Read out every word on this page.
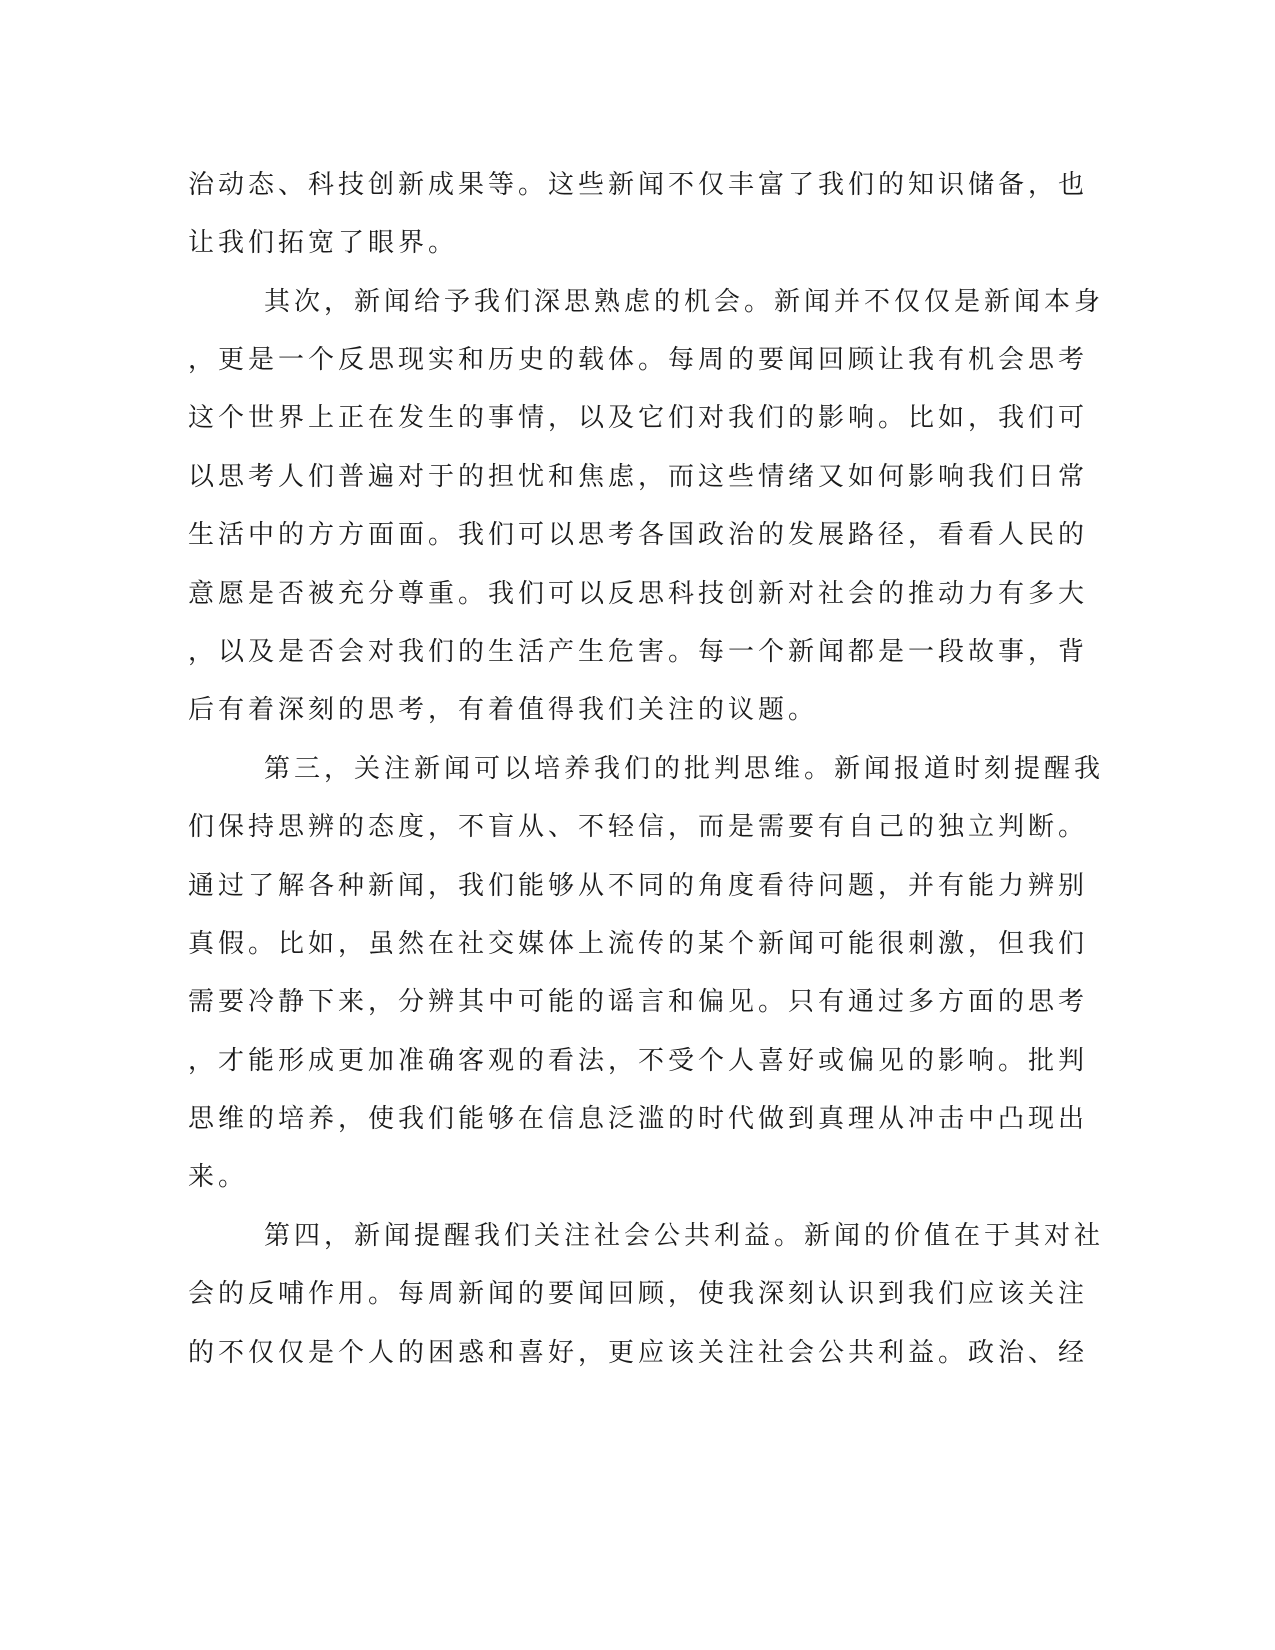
治动态、科技创新成果等。这些新闻不仅丰富了我们的知识储备，也

让我们拓宽了眼界。

其次，新闻给予我们深思熟虑的机会。新闻并不仅仅是新闻本身

，更是一个反思现实和历史的载体。每周的要闻回顾让我有机会思考

这个世界上正在发生的事情，以及它们对我们的影响。比如，我们可

以思考人们普遍对于的担忧和焦虑，而这些情绪又如何影响我们日常

生活中的方方面面。我们可以思考各国政治的发展路径，看看人民的

意愿是否被充分尊重。我们可以反思科技创新对社会的推动力有多大

，以及是否会对我们的生活产生危害。每一个新闻都是一段故事，背

后有着深刻的思考，有着值得我们关注的议题。

第三，关注新闻可以培养我们的批判思维。新闻报道时刻提醒我

们保持思辨的态度，不盲从、不轻信，而是需要有自己的独立判断。

通过了解各种新闻，我们能够从不同的角度看待问题，并有能力辨别

真假。比如，虽然在社交媒体上流传的某个新闻可能很刺激，但我们

需要冷静下来，分辨其中可能的谣言和偏见。只有通过多方面的思考

，才能形成更加准确客观的看法，不受个人喜好或偏见的影响。批判

思维的培养，使我们能够在信息泛滥的时代做到真理从冲击中凸现出

来。

第四，新闻提醒我们关注社会公共利益。新闻的价值在于其对社

会的反哺作用。每周新闻的要闻回顾，使我深刻认识到我们应该关注

的不仅仅是个人的困惑和喜好，更应该关注社会公共利益。政治、经
